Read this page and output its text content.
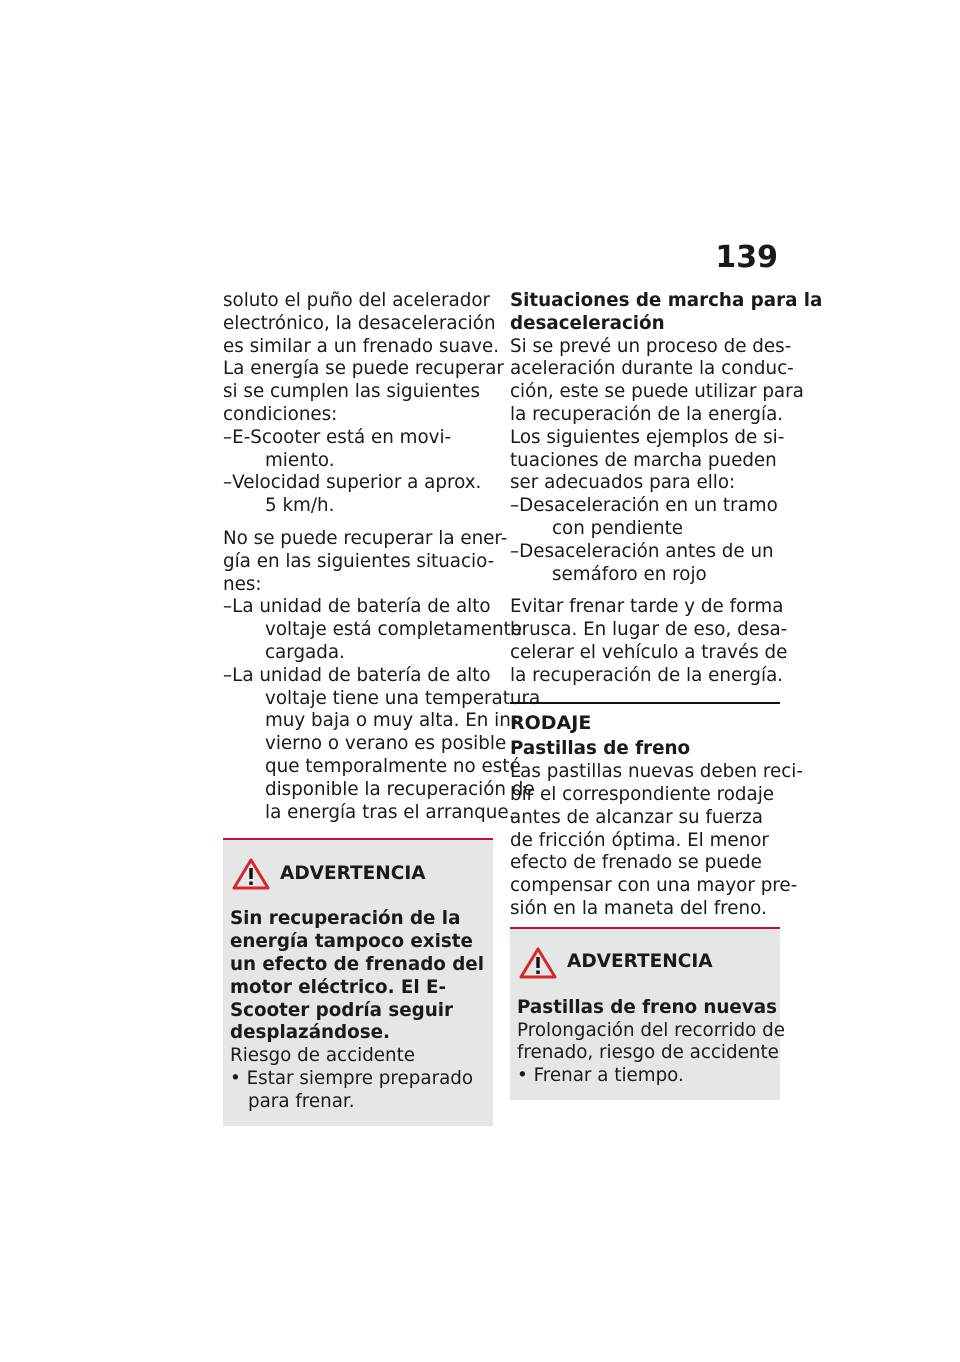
139
soluto el puño del acelerador
electrónico, la desaceleración
es similar a un frenado suave.
La energía se puede recuperar
si se cumplen las siguientes
condiciones:
–E-Scooter está en movi-
miento.
–Velocidad superior a aprox.
5 km/h.
No se puede recuperar la ener-
gía en las siguientes situacio-
nes:
–La unidad de batería de alto
voltaje está completamente
cargada.
–La unidad de batería de alto
voltaje tiene una temperatura
muy baja o muy alta. En in-
vierno o verano es posible
que temporalmente no esté
disponible la recuperación de
la energía tras el arranque.
ADVERTENCIA
Sin recuperación de la
energía tampoco existe
un efecto de frenado del
motor eléctrico. El E-
Scooter podría seguir
desplazándose.
Riesgo de accidente
• Estar siempre preparado
para frenar.
Situaciones de marcha para la
desaceleración
Si se prevé un proceso de des-
aceleración durante la conduc-
ción, este se puede utilizar para
la recuperación de la energía.
Los siguientes ejemplos de si-
tuaciones de marcha pueden
ser adecuados para ello:
–Desaceleración en un tramo
con pendiente
–Desaceleración antes de un
semáforo en rojo
Evitar frenar tarde y de forma
brusca. En lugar de eso, desa-
celerar el vehículo a través de
la recuperación de la energía.
RODAJE
Pastillas de freno
Las pastillas nuevas deben reci-
bir el correspondiente rodaje
antes de alcanzar su fuerza
de fricción óptima. El menor
efecto de frenado se puede
compensar con una mayor pre-
sión en la maneta del freno.
ADVERTENCIA
Pastillas de freno nuevas
Prolongación del recorrido de
frenado, riesgo de accidente
• Frenar a tiempo.
